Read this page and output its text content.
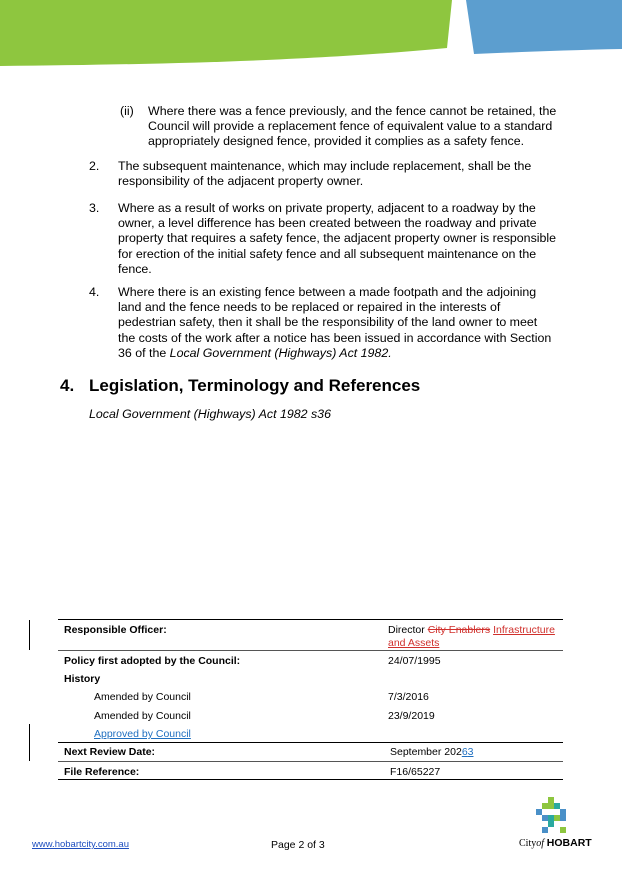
(ii) Where there was a fence previously, and the fence cannot be retained, the
Council will provide a replacement fence of equivalent value to a standard
appropriately designed fence, provided it complies as a safety fence.
2. The subsequent maintenance, which may include replacement, shall be the
responsibility of the adjacent property owner.
3. Where as a result of works on private property, adjacent to a roadway by the
owner, a level difference has been created between the roadway and private
property that requires a safety fence, the adjacent property owner is responsible
for erection of the initial safety fence and all subsequent maintenance on the
fence.
4. Where there is an existing fence between a made footpath and the adjoining
land and the fence needs to be replaced or repaired in the interests of
pedestrian safety, then it shall be the responsibility of the land owner to meet
the costs of the work after a notice has been issued in accordance with Section
36 of the Local Government (Highways) Act 1982.
4. Legislation, Terminology and References
Local Government (Highways) Act 1982 s36
Responsible Officer:	Director City Enablers Infrastructure
and Assets
Policy first adopted by the Council:	24/07/1995
History
Amended by Council	7/3/2016
Amended by Council	23/9/2019
Approved by Council
Next Review Date:	September 20263
File Reference:	F16/65227
www.hobartcity.com.au	Page 2 of 3	Cityof HOBART
